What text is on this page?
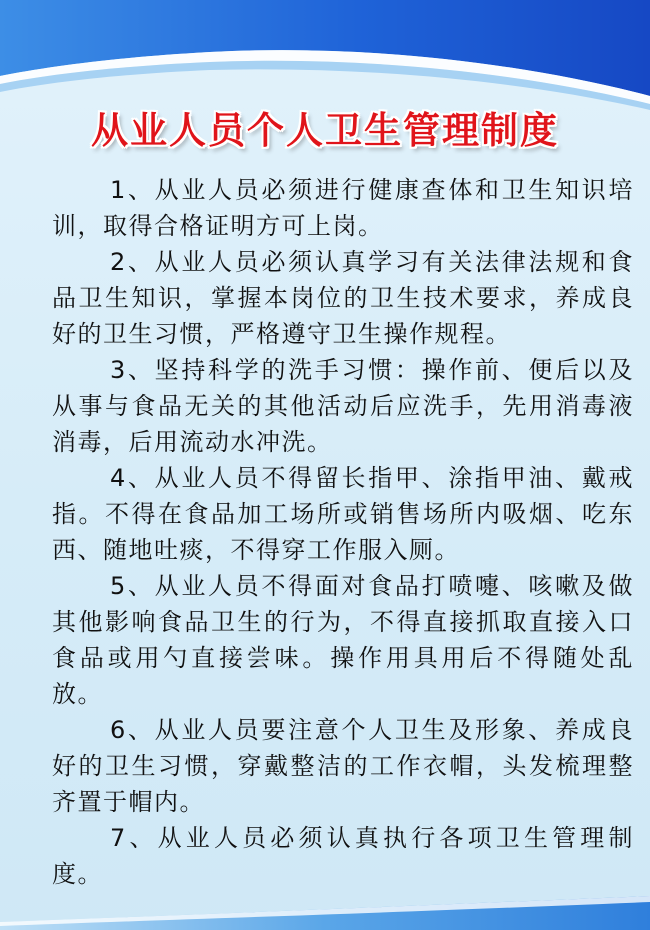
从业人员个人卫生管理制度
1、从业人员必须进行健康查体和卫生知识培训，取得合格证明方可上岗。
2、从业人员必须认真学习有关法律法规和食品卫生知识，掌握本岗位的卫生技术要求，养成良好的卫生习惯，严格遵守卫生操作规程。
3、坚持科学的洗手习惯：操作前、便后以及从事与食品无关的其他活动后应洗手，先用消毒液消毒，后用流动水冲洗。
4、从业人员不得留长指甲、涂指甲油、戴戒指。不得在食品加工场所或销售场所内吸烟、吃东西、随地吐痰，不得穿工作服入厕。
5、从业人员不得面对食品打喷嚏、咳嗽及做其他影响食品卫生的行为，不得直接抓取直接入口食品或用勺直接尝味。操作用具用后不得随处乱放。
6、从业人员要注意个人卫生及形象、养成良好的卫生习惯，穿戴整洁的工作衣帽，头发梳理整齐置于帽内。
7、从业人员必须认真执行各项卫生管理制度。
